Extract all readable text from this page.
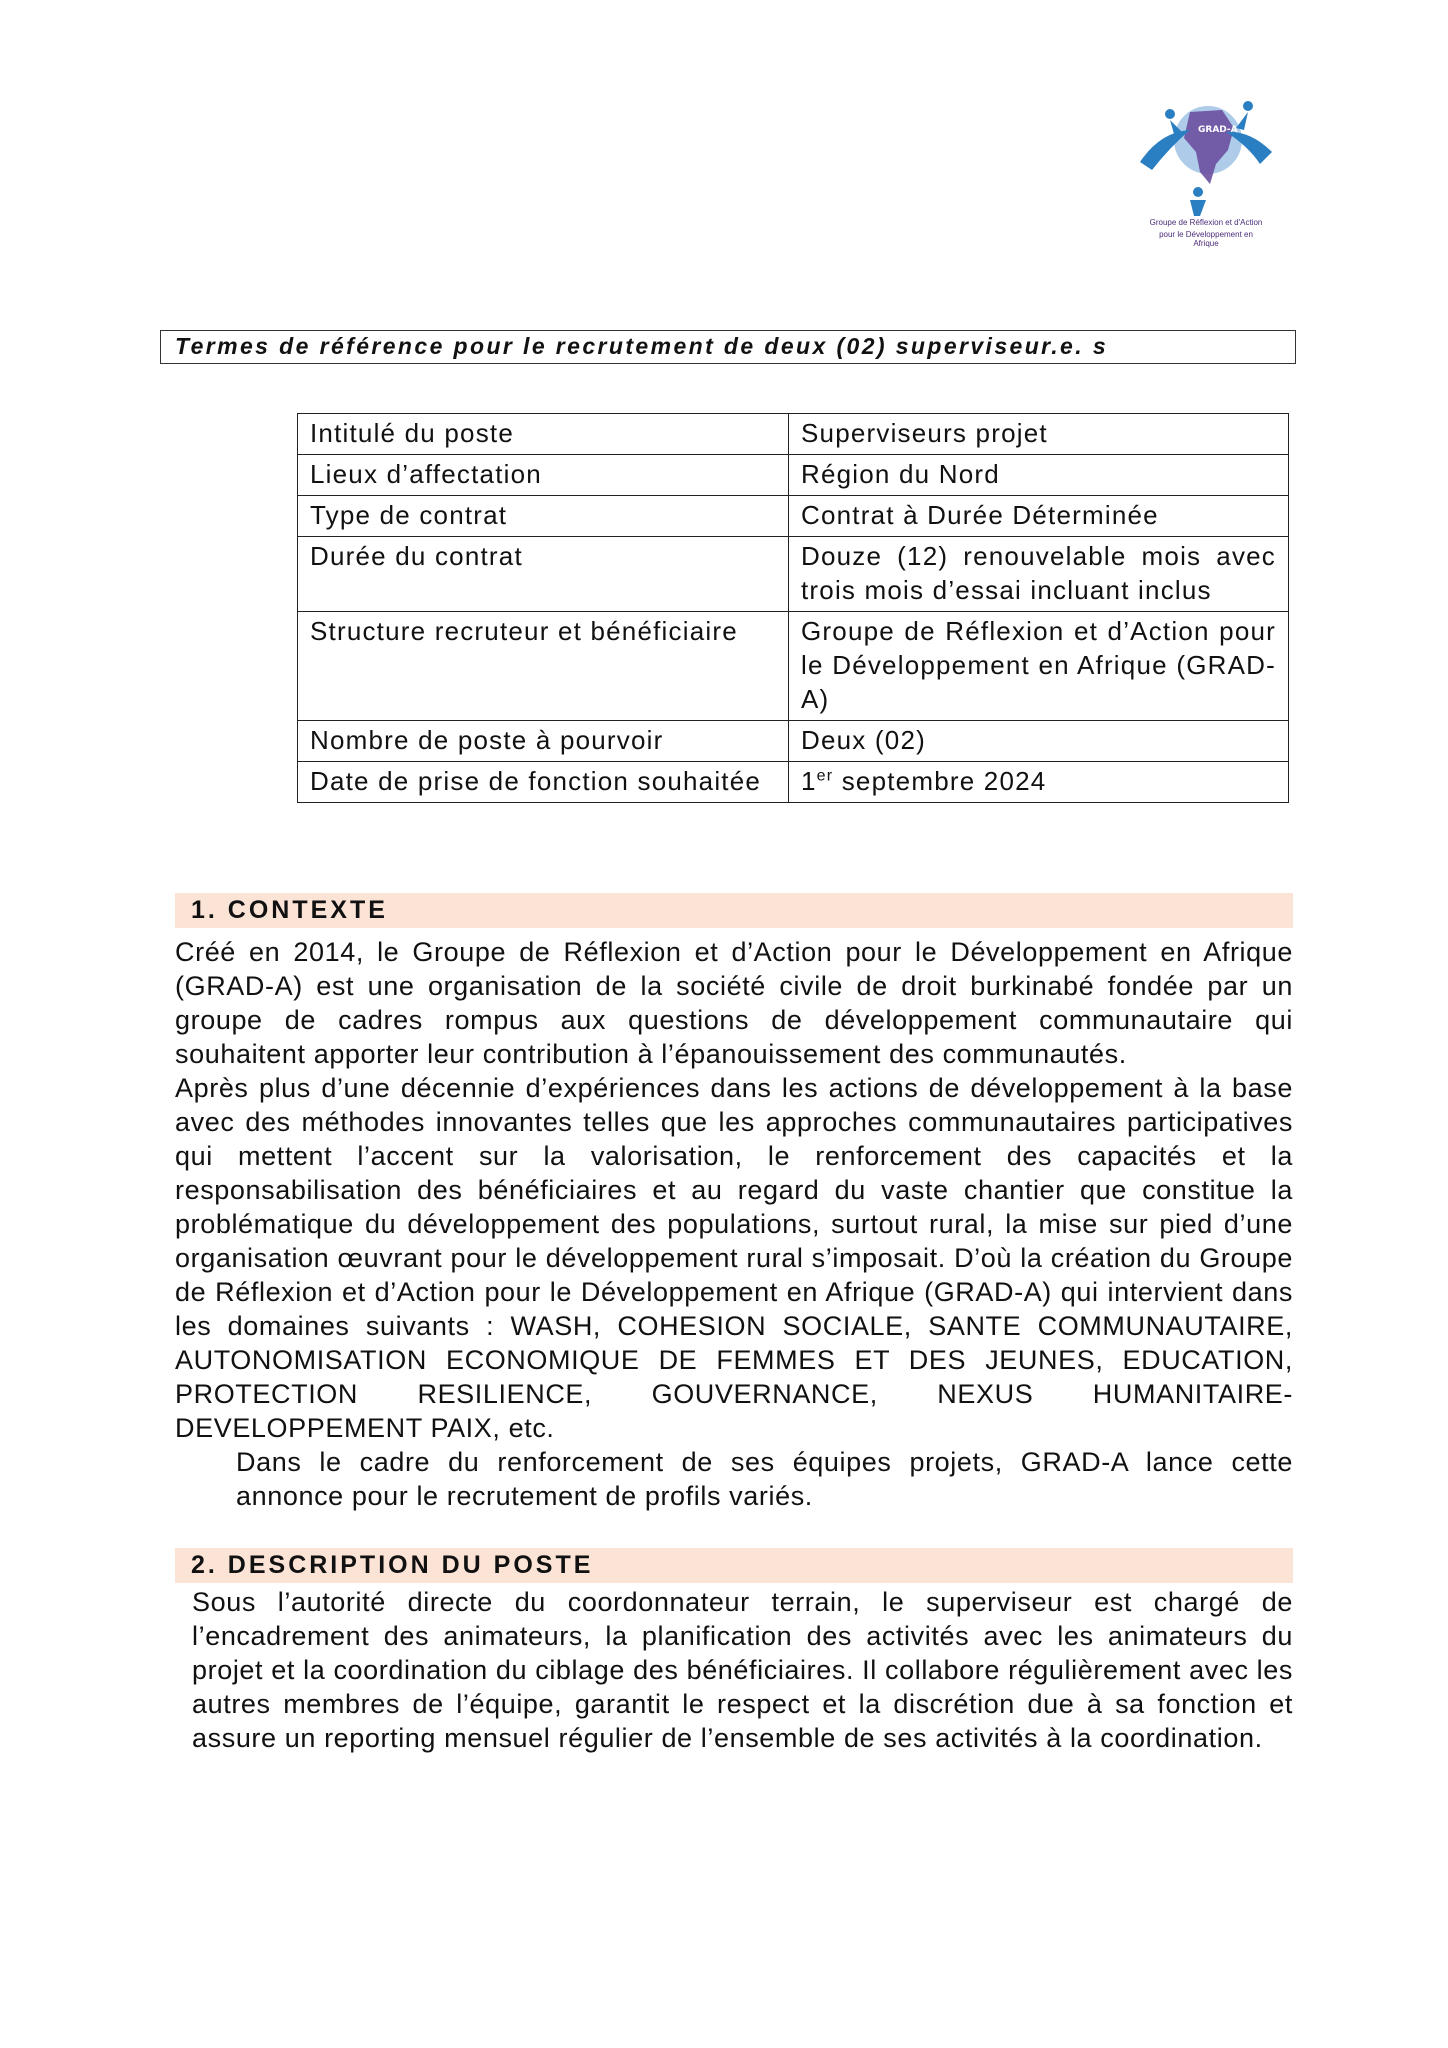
GRAD-A
Groupe de Réflexion et d'Action
pour le Développement en Afrique
Termes de référence pour le recrutement de deux (02) superviseur.e. s
Intitulé du poste	Superviseurs projet
Lieux d’affectation	Région du Nord
Type de contrat	Contrat à Durée Déterminée
Durée du contrat	Douze (12) renouvelable mois avec trois mois d’essai incluant inclus
Structure recruteur et bénéficiaire	Groupe de Réflexion et d’Action pour le Développement en Afrique (GRAD-A)
Nombre de poste à pourvoir	Deux (02)
Date de prise de fonction souhaitée	1er septembre 2024
1. CONTEXTE
Créé en 2014, le Groupe de Réflexion et d’Action pour le Développement en Afrique (GRAD-A) est une organisation de la société civile de droit burkinabé fondée par un groupe de cadres rompus aux questions de développement communautaire qui souhaitent apporter leur contribution à l’épanouissement des communautés.
Après plus d’une décennie d’expériences dans les actions de développement à la base avec des méthodes innovantes telles que les approches communautaires participatives qui mettent l’accent sur la valorisation, le renforcement des capacités et la responsabilisation des bénéficiaires et au regard du vaste chantier que constitue la problématique du développement des populations, surtout rural, la mise sur pied d’une organisation œuvrant pour le développement rural s’imposait. D’où la création du Groupe de Réflexion et d’Action pour le Développement en Afrique (GRAD-A) qui intervient dans les domaines suivants : WASH, COHESION SOCIALE, SANTE COMMUNAUTAIRE, AUTONOMISATION ECONOMIQUE DE FEMMES ET DES JEUNES, EDUCATION, PROTECTION RESILIENCE, GOUVERNANCE, NEXUS HUMANITAIRE-DEVELOPPEMENT PAIX, etc.
Dans le cadre du renforcement de ses équipes projets, GRAD-A lance cette annonce pour le recrutement de profils variés.
2. DESCRIPTION DU POSTE
Sous l’autorité directe du coordonnateur terrain, le superviseur est chargé de l’encadrement des animateurs, la planification des activités avec les animateurs du projet et la coordination du ciblage des bénéficiaires. Il collabore régulièrement avec les autres membres de l’équipe, garantit le respect et la discrétion due à sa fonction et assure un reporting mensuel régulier de l’ensemble de ses activités à la coordination.
